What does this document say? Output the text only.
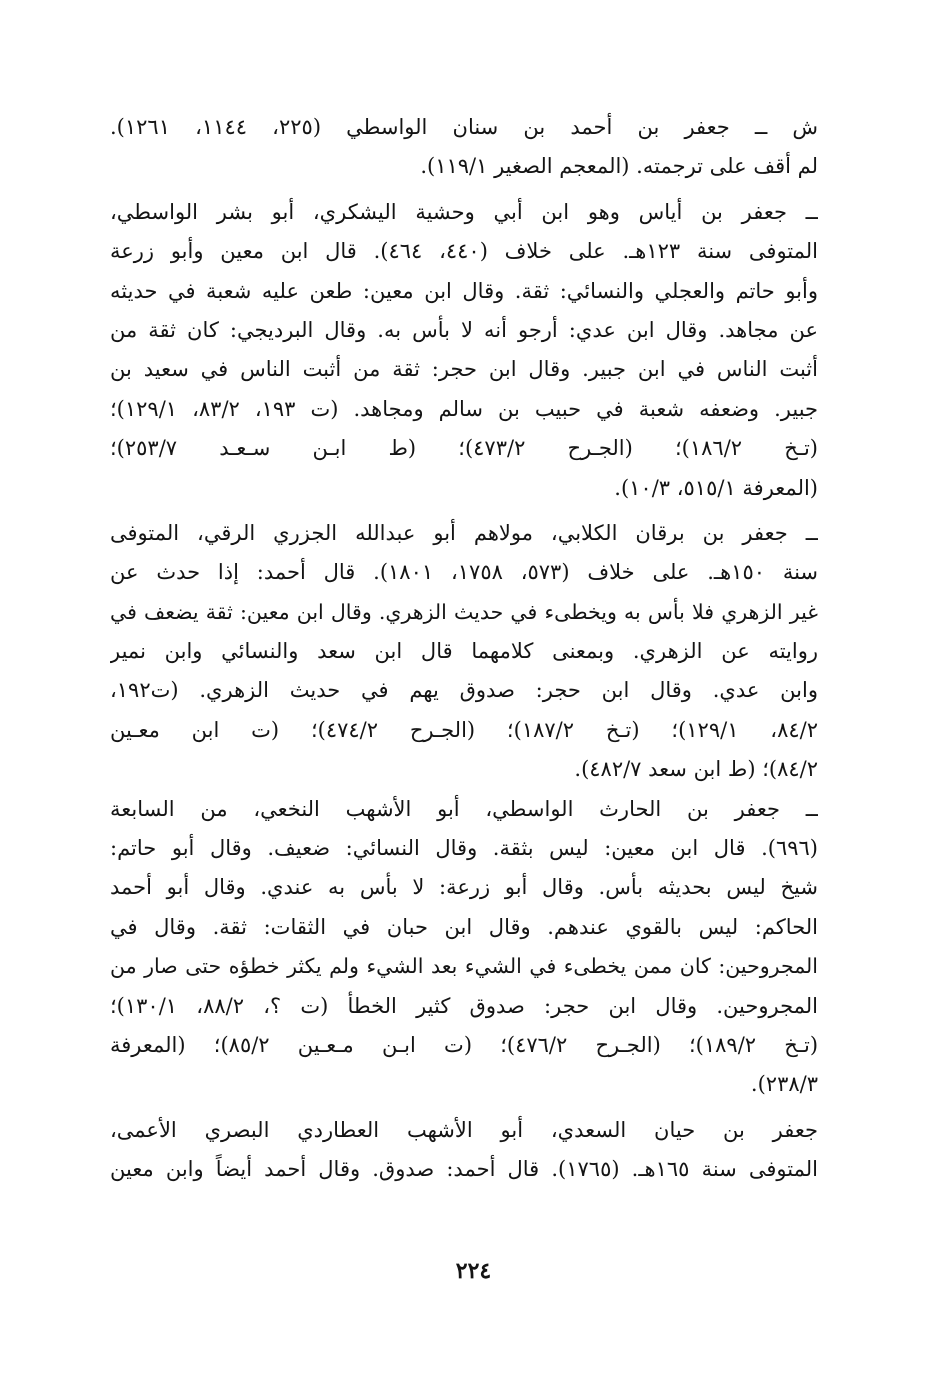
ش ــ جعفر بن أحمد بن سنان الواسطي (٢٢٥، ١١٤٤، ١٢٦١).
لم أقف على ترجمته. (المعجم الصغير ١١٩/١).
ــ جعفر بن أياس وهو ابن أبي وحشية اليشكري، أبو بشر الواسطي،
المتوفى سنة ١٢٣هـ. على خلاف (٤٤٠، ٤٦٤). قال ابن معين وأبو زرعة
وأبو حاتم والعجلي والنسائي: ثقة. وقال ابن معين: طعن عليه شعبة في حديثه
عن مجاهد. وقال ابن عدي: أرجو أنه لا بأس به. وقال البرديجي: كان ثقة من
أثبت الناس في ابن جبير. وقال ابن حجر: ثقة من أثبت الناس في سعيد بن
جبير. وضعفه شعبة في حبيب بن سالم ومجاهد. (ت ١٩٣، ٨٣/٢، ١٢٩/١)؛
(تـخ ١٨٦/٢)؛ (الجـرح ٤٧٣/٢)؛ (ط ابـن سـعـد ٢٥٣/٧)؛
(المعرفة ٥١٥/١، ١٠/٣).
ــ جعفر بن برقان الكلابي، مولاهم أبو عبدالله الجزري الرقي، المتوفى
سنة ١٥٠هـ. على خلاف (٥٧٣، ١٧٥٨، ١٨٠١). قال أحمد: إذا حدث عن
غير الزهري فلا بأس به ويخطىء في حديث الزهري. وقال ابن معين: ثقة يضعف في
روايته عن الزهري. وبمعنى كلامهما قال ابن سعد والنسائي وابن نمير
وابن عدي. وقال ابن حجر: صدوق يهم في حديث الزهري. (ت١٩٢،
٨٤/٢، ١٢٩/١)؛ (تـخ ١٨٧/٢)؛ (الجـرح ٤٧٤/٢)؛ (ت ابن معـين
٨٤/٢)؛ (ط ابن سعد ٤٨٢/٧).
ــ جعفر بن الحارث الواسطي، أبو الأشهب النخعي، من السابعة
(٦٩٦). قال ابن معين: ليس بثقة. وقال النسائي: ضعيف. وقال أبو حاتم:
شيخ ليس بحديثه بأس. وقال أبو زرعة: لا بأس به عندي. وقال أبو أحمد
الحاكم: ليس بالقوي عندهم. وقال ابن حبان في الثقات: ثقة. وقال في
المجروحين: كان ممن يخطىء في الشيء بعد الشيء ولم يكثر خطؤه حتى صار من
المجروحين. وقال ابن حجر: صدوق كثير الخطأ (ت ؟، ٨٨/٢، ١٣٠/١)؛
(تـخ ١٨٩/٢)؛ (الجـرح ٤٧٦/٢)؛ (ت ابـن مـعـين ٨٥/٢)؛ (المعرفة
٢٣٨/٣).
جعفر بن حيان السعدي، أبو الأشهب العطاردي البصري الأعمى،
المتوفى سنة ١٦٥هـ. (١٧٦٥). قال أحمد: صدوق. وقال أحمد أيضاً وابن معين
٢٢٤
